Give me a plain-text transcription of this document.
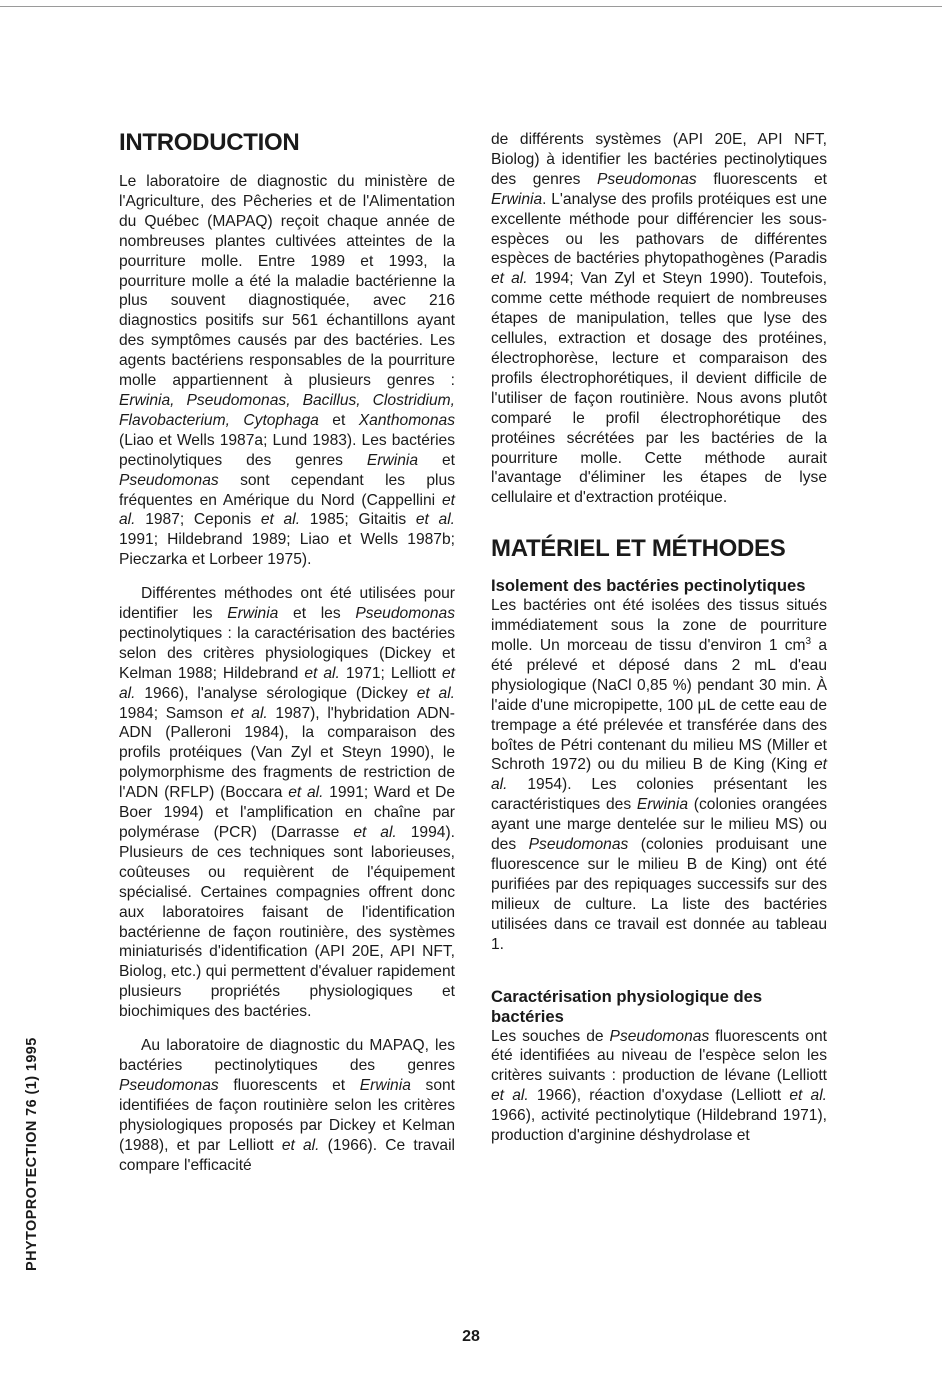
INTRODUCTION

Le laboratoire de diagnostic du ministère de l'Agriculture, des Pêcheries et de l'Alimentation du Québec (MAPAQ) reçoit chaque année de nombreuses plantes cultivées atteintes de la pourriture molle. Entre 1989 et 1993, la pourriture molle a été la maladie bactérienne la plus souvent diagnostiquée, avec 216 diagnostics positifs sur 561 échantillons ayant des symptômes causés par des bactéries. Les agents bactériens responsables de la pourriture molle appartiennent à plusieurs genres : Erwinia, Pseudomonas, Bacillus, Clostridium, Flavobacterium, Cytophaga et Xanthomonas (Liao et Wells 1987a; Lund 1983). Les bactéries pectinolytiques des genres Erwinia et Pseudomonas sont cependant les plus fréquentes en Amérique du Nord (Cappellini et al. 1987; Ceponis et al. 1985; Gitaitis et al. 1991; Hildebrand 1989; Liao et Wells 1987b; Pieczarka et Lorbeer 1975).

Différentes méthodes ont été utilisées pour identifier les Erwinia et les Pseudomonas pectinolytiques : la caractérisation des bactéries selon des critères physiologiques (Dickey et Kelman 1988; Hildebrand et al. 1971; Lelliott et al. 1966), l'analyse sérologique (Dickey et al. 1984; Samson et al. 1987), l'hybridation ADN-ADN (Palleroni 1984), la comparaison des profils protéiques (Van Zyl et Steyn 1990), le polymorphisme des fragments de restriction de l'ADN (RFLP) (Boccara et al. 1991; Ward et De Boer 1994) et l'amplification en chaîne par polymérase (PCR) (Darrasse et al. 1994). Plusieurs de ces techniques sont laborieuses, coûteuses ou requièrent de l'équipement spécialisé. Certaines compagnies offrent donc aux laboratoires faisant de l'identification bactérienne de façon routinière, des systèmes miniaturisés d'identification (API 20E, API NFT, Biolog, etc.) qui permettent d'évaluer rapidement plusieurs propriétés physiologiques et biochimiques des bactéries.

Au laboratoire de diagnostic du MAPAQ, les bactéries pectinolytiques des genres Pseudomonas fluorescents et Erwinia sont identifiées de façon routinière selon les critères physiologiques proposés par Dickey et Kelman (1988), et par Lelliott et al. (1966). Ce travail compare l'efficacité

de différents systèmes (API 20E, API NFT, Biolog) à identifier les bactéries pectinolytiques des genres Pseudomonas fluorescents et Erwinia. L'analyse des profils protéiques est une excellente méthode pour différencier les sous-espèces ou les pathovars de différentes espèces de bactéries phytopathogènes (Paradis et al. 1994; Van Zyl et Steyn 1990). Toutefois, comme cette méthode requiert de nombreuses étapes de manipulation, telles que lyse des cellules, extraction et dosage des protéines, électrophorèse, lecture et comparaison des profils électrophorétiques, il devient difficile de l'utiliser de façon routinière. Nous avons plutôt comparé le profil électrophorétique des protéines sécrétées par les bactéries de la pourriture molle. Cette méthode aurait l'avantage d'éliminer les étapes de lyse cellulaire et d'extraction protéique.

MATÉRIEL ET MÉTHODES
Isolement des bactéries pectinolytiques

Les bactéries ont été isolées des tissus situés immédiatement sous la zone de pourriture molle. Un morceau de tissu d'environ 1 $cm^3$ a été prélevé et déposé dans 2 mL d'eau physiologique (NaCl 0,85 %) pendant 30 min. À l'aide d'une micropipette, 100 μL de cette eau de trempage a été prélevée et transférée dans des boîtes de Pétri contenant du milieu MS (Miller et Schroth 1972) ou du milieu B de King (King et al. 1954). Les colonies présentant les caractéristiques des Erwinia (colonies orangées ayant une marge dentelée sur le milieu MS) ou des Pseudomonas (colonies produisant une fluorescence sur le milieu B de King) ont été purifiées par des repiquages successifs sur des milieux de culture. La liste des bactéries utilisées dans ce travail est donnée au tableau 1.

Caractérisation physiologique des bactéries

Les souches de Pseudomonas fluorescents ont été identifiées au niveau de l'espèce selon les critères suivants : production de lévane (Lelliott et al. 1966), réaction d'oxydase (Lelliott et al. 1966), activité pectinolytique (Hildebrand 1971), production d'arginine déshydrolase et

PHYTOPROTECTION 76 (1) 1995
28
